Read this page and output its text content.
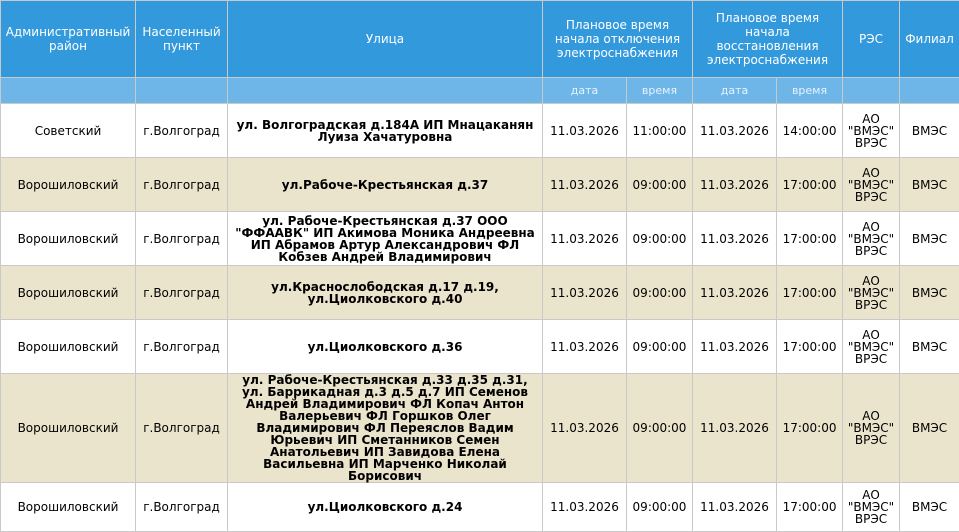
Административный район	Населенный пункт	Улица	Плановое время начала отключения электроснабжения		Плановое время начала восстановления электроснабжения		РЭС	Филиал
			дата	время	дата	время		
Советский	г.Волгоград	ул. Волгоградская д.184А ИП Мнацаканян Луиза Хачатуровна	11.03.2026	11:00:00	11.03.2026	14:00:00	АО "ВМЭС" ВРЭС	ВМЭС
Ворошиловский	г.Волгоград	ул.Рабоче-Крестьянская д.37	11.03.2026	09:00:00	11.03.2026	17:00:00	АО "ВМЭС" ВРЭС	ВМЭС
Ворошиловский	г.Волгоград	ул. Рабоче-Крестьянская д.37 ООО "ФФААВК" ИП Акимова Моника Андреевна ИП Абрамов Артур Александрович ФЛ Кобзев Андрей Владимирович	11.03.2026	09:00:00	11.03.2026	17:00:00	АО "ВМЭС" ВРЭС	ВМЭС
Ворошиловский	г.Волгоград	ул.Краснослободская д.17 д.19, ул.Циолковского д.40	11.03.2026	09:00:00	11.03.2026	17:00:00	АО "ВМЭС" ВРЭС	ВМЭС
Ворошиловский	г.Волгоград	ул.Циолковского д.36	11.03.2026	09:00:00	11.03.2026	17:00:00	АО "ВМЭС" ВРЭС	ВМЭС
Ворошиловский	г.Волгоград	ул. Рабоче-Крестьянская д.33 д.35 д.31, ул. Баррикадная д.3 д.5 д.7 ИП Семенов Андрей Владимирович ФЛ Копач Антон Валерьевич ФЛ Горшков Олег Владимирович ФЛ Переяслов Вадим Юрьевич ИП Сметанников Семен Анатольевич ИП Завидова Елена Васильевна ИП Марченко Николай Борисович	11.03.2026	09:00:00	11.03.2026	17:00:00	АО "ВМЭС" ВРЭС	ВМЭС
Ворошиловский	г.Волгоград	ул.Циолковского д.24	11.03.2026	09:00:00	11.03.2026	17:00:00	АО "ВМЭС" ВРЭС	ВМЭС
